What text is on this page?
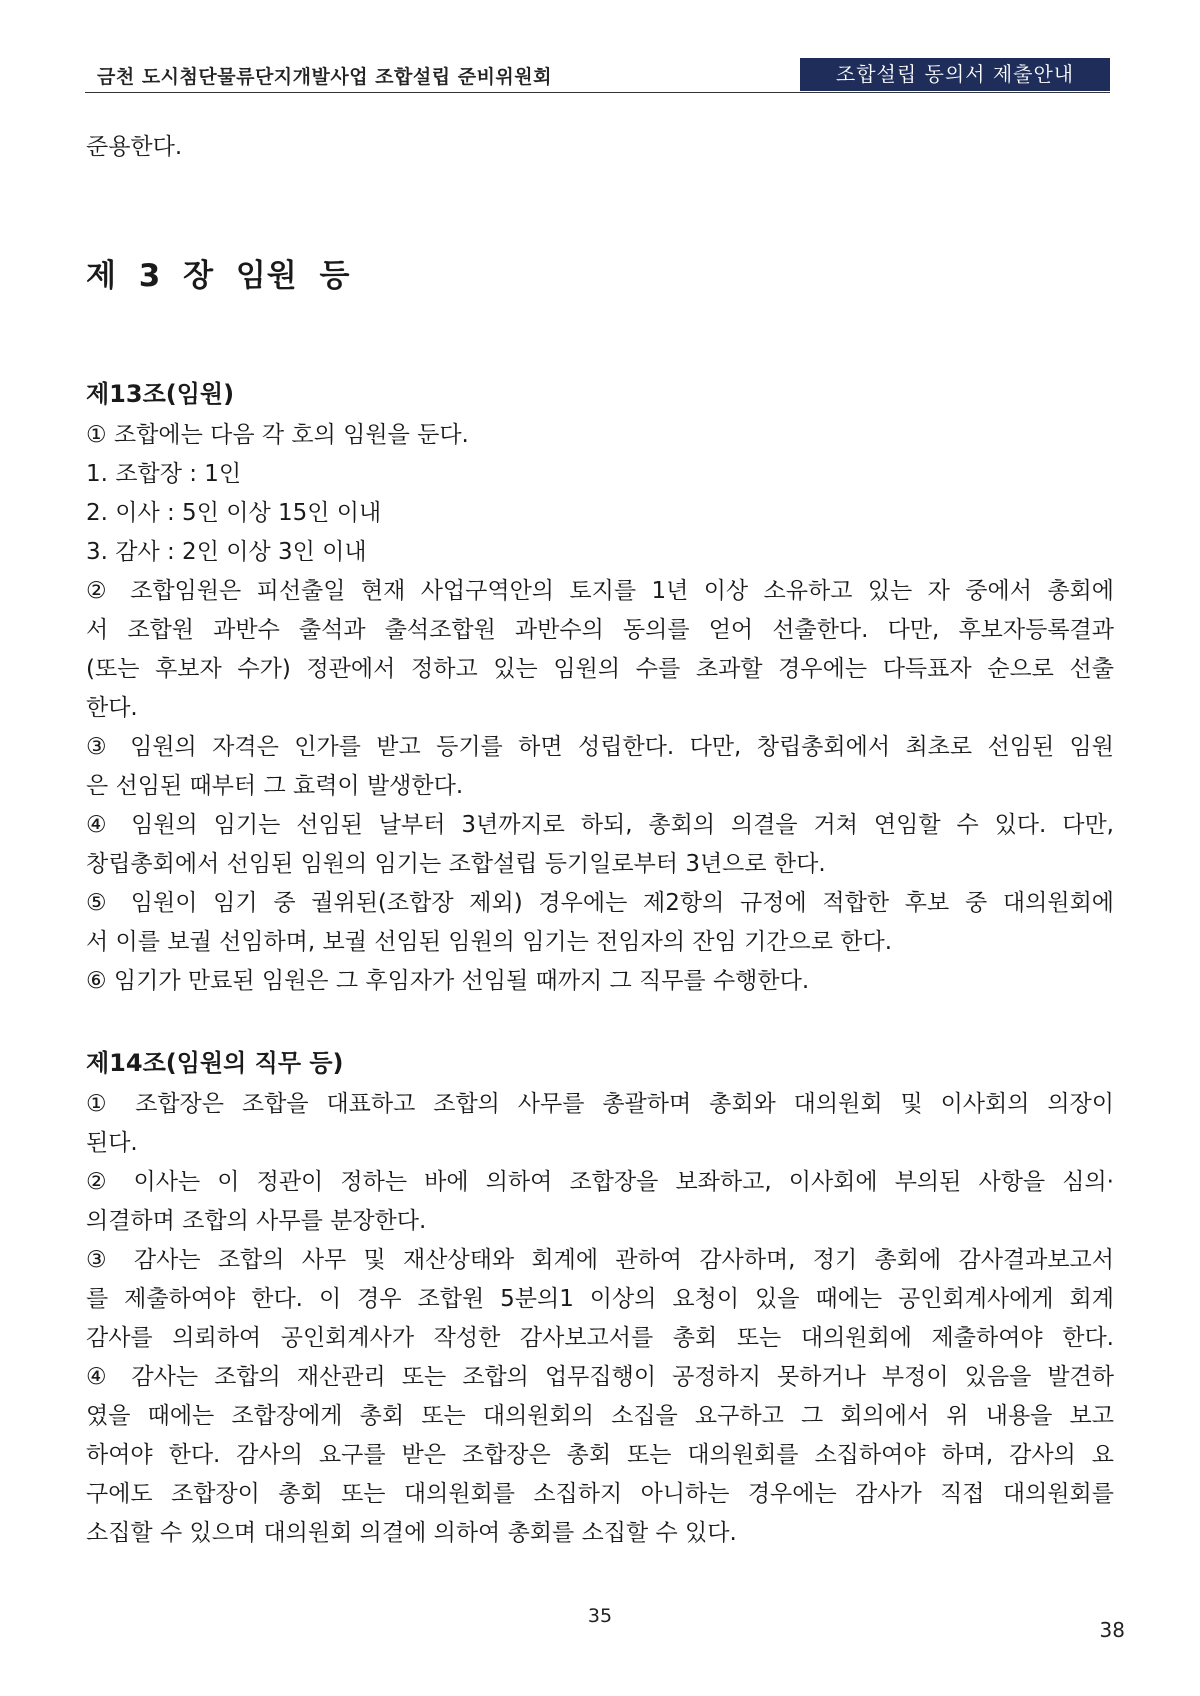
금천 도시첨단물류단지개발사업 조합설립 준비위원회	조합설립 동의서 제출안내
준용한다.
제 3 장 임원 등
제13조(임원)
① 조합에는 다음 각 호의 임원을 둔다.
1. 조합장 : 1인
2. 이사 : 5인 이상 15인 이내
3. 감사 : 2인 이상 3인 이내
② 조합임원은 피선출일 현재 사업구역안의 토지를 1년 이상 소유하고 있는 자 중에서 총회에
서 조합원 과반수 출석과 출석조합원 과반수의 동의를 얻어 선출한다. 다만, 후보자등록결과
(또는 후보자 수가) 정관에서 정하고 있는 임원의 수를 초과할 경우에는 다득표자 순으로 선출
한다.
③ 임원의 자격은 인가를 받고 등기를 하면 성립한다. 다만, 창립총회에서 최초로 선임된 임원
은 선임된 때부터 그 효력이 발생한다.
④ 임원의 임기는 선임된 날부터 3년까지로 하되, 총회의 의결을 거쳐 연임할 수 있다. 다만,
창립총회에서 선임된 임원의 임기는 조합설립 등기일로부터 3년으로 한다.
⑤ 임원이 임기 중 궐위된(조합장 제외) 경우에는 제2항의 규정에 적합한 후보 중 대의원회에
서 이를 보궐 선임하며, 보궐 선임된 임원의 임기는 전임자의 잔임 기간으로 한다.
⑥ 임기가 만료된 임원은 그 후임자가 선임될 때까지 그 직무를 수행한다.
제14조(임원의 직무 등)
① 조합장은 조합을 대표하고 조합의 사무를 총괄하며 총회와 대의원회 및 이사회의 의장이
된다.
② 이사는 이 정관이 정하는 바에 의하여 조합장을 보좌하고, 이사회에 부의된 사항을 심의·
의결하며 조합의 사무를 분장한다.
③ 감사는 조합의 사무 및 재산상태와 회계에 관하여 감사하며, 정기 총회에 감사결과보고서
를 제출하여야 한다. 이 경우 조합원 5분의1 이상의 요청이 있을 때에는 공인회계사에게 회계
감사를 의뢰하여 공인회계사가 작성한 감사보고서를 총회 또는 대의원회에 제출하여야 한다.
④ 감사는 조합의 재산관리 또는 조합의 업무집행이 공정하지 못하거나 부정이 있음을 발견하
였을 때에는 조합장에게 총회 또는 대의원회의 소집을 요구하고 그 회의에서 위 내용을 보고
하여야 한다. 감사의 요구를 받은 조합장은 총회 또는 대의원회를 소집하여야 하며, 감사의 요
구에도 조합장이 총회 또는 대의원회를 소집하지 아니하는 경우에는 감사가 직접 대의원회를
소집할 수 있으며 대의원회 의결에 의하여 총회를 소집할 수 있다.
35
38
